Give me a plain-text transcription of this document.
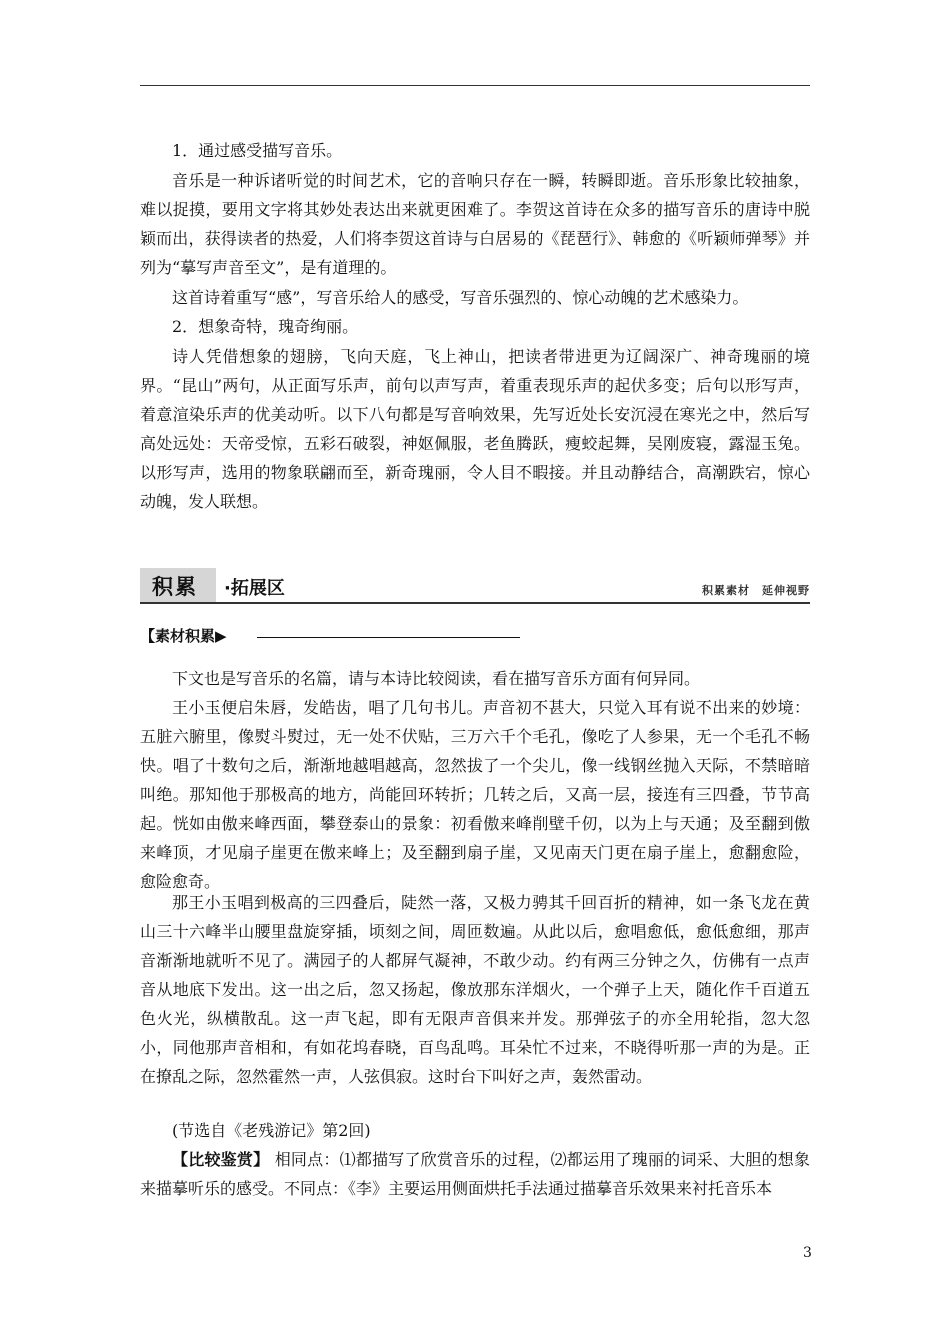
1．通过感受描写音乐。

音乐是一种诉诸听觉的时间艺术，它的音响只存在一瞬，转瞬即逝。音乐形象比较抽象，难以捉摸，要用文字将其妙处表达出来就更困难了。李贺这首诗在众多的描写音乐的唐诗中脱颖而出，获得读者的热爱，人们将李贺这首诗与白居易的《琵琶行》、韩愈的《听颖师弹琴》并列为“摹写声音至文”，是有道理的。

这首诗着重写“感”，写音乐给人的感受，写音乐强烈的、惊心动魄的艺术感染力。

2．想象奇特，瑰奇绚丽。

诗人凭借想象的翅膀，飞向天庭，飞上神山，把读者带进更为辽阔深广、神奇瑰丽的境界。“昆山”两句，从正面写乐声，前句以声写声，着重表现乐声的起伏多变；后句以形写声，着意渲染乐声的优美动听。以下八句都是写音响效果，先写近处长安沉浸在寒光之中，然后写高处远处：天帝受惊，五彩石破裂，神妪佩服，老鱼腾跃，瘦蛟起舞，吴刚废寝，露湿玉兔。以形写声，选用的物象联翩而至，新奇瑰丽，令人目不暇接。并且动静结合，高潮跌宕，惊心动魄，发人联想。

积累 ·拓展区	积累素材　延伸视野
【素材积累▶

下文也是写音乐的名篇，请与本诗比较阅读，看在描写音乐方面有何异同。

王小玉便启朱唇，发皓齿，唱了几句书儿。声音初不甚大，只觉入耳有说不出来的妙境：五脏六腑里，像熨斗熨过，无一处不伏贴，三万六千个毛孔，像吃了人参果，无一个毛孔不畅快。唱了十数句之后，渐渐地越唱越高，忽然拔了一个尖儿，像一线钢丝抛入天际，不禁暗暗叫绝。那知他于那极高的地方，尚能回环转折；几转之后，又高一层，接连有三四叠，节节高起。恍如由傲来峰西面，攀登泰山的景象：初看傲来峰削壁千仞，以为上与天通；及至翻到傲来峰顶，才见扇子崖更在傲来峰上；及至翻到扇子崖，又见南天门更在扇子崖上，愈翻愈险，愈险愈奇。

那王小玉唱到极高的三四叠后，陡然一落，又极力骋其千回百折的精神，如一条飞龙在黄山三十六峰半山腰里盘旋穿插，顷刻之间，周匝数遍。从此以后，愈唱愈低，愈低愈细，那声音渐渐地就听不见了。满园子的人都屏气凝神，不敢少动。约有两三分钟之久，仿佛有一点声音从地底下发出。这一出之后，忽又扬起，像放那东洋烟火，一个弹子上天，随化作千百道五色火光，纵横散乱。这一声飞起，即有无限声音俱来并发。那弹弦子的亦全用轮指，忽大忽小，同他那声音相和，有如花坞春晓，百鸟乱鸣。耳朵忙不过来，不晓得听那一声的为是。正在撩乱之际，忽然霍然一声，人弦俱寂。这时台下叫好之声，轰然雷动。

(节选自《老残游记》第2回)

【比较鉴赏】 相同点：⑴都描写了欣赏音乐的过程，⑵都运用了瑰丽的词采、大胆的想象来描摹听乐的感受。不同点：《李》主要运用侧面烘托手法通过描摹音乐效果来衬托音乐本

3
